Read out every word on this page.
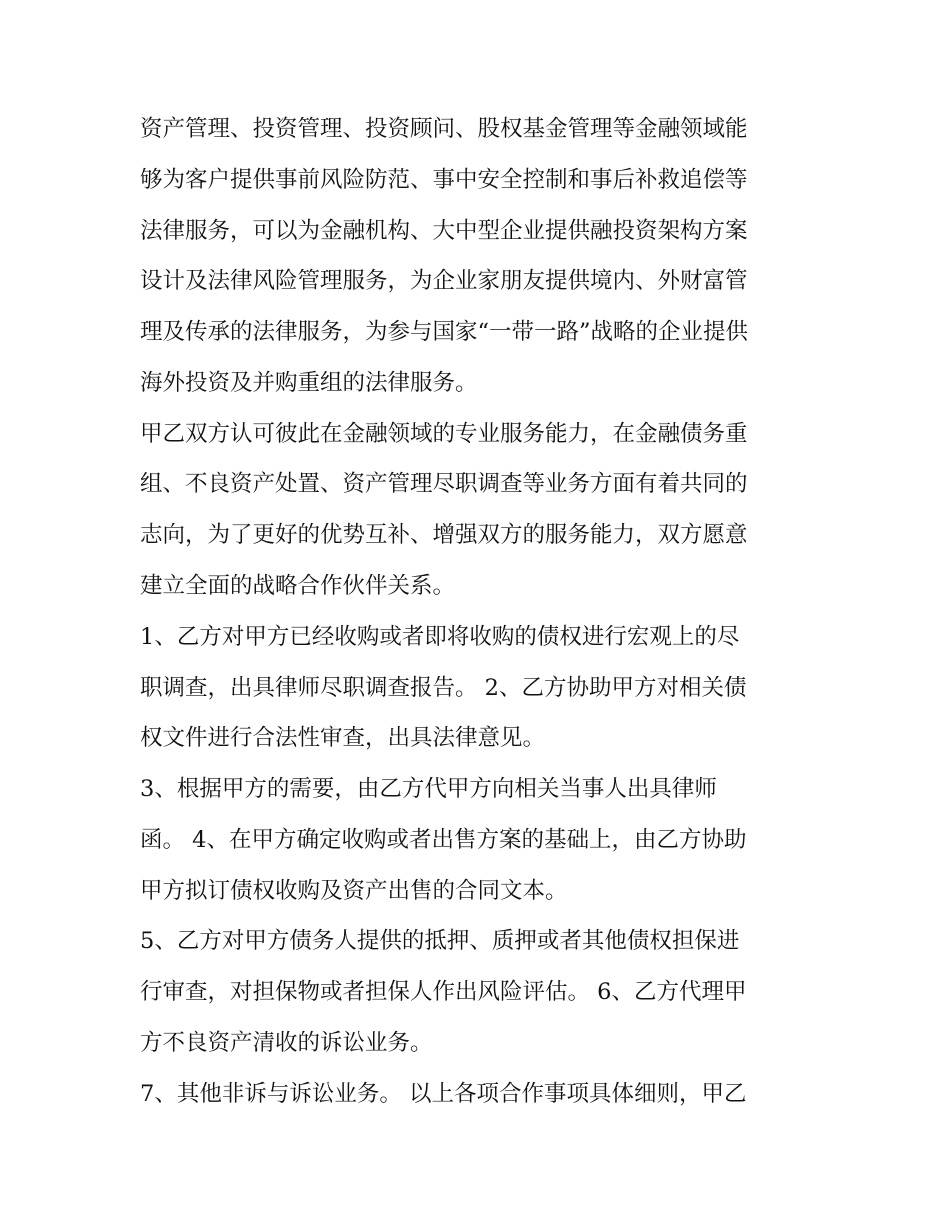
资产管理、投资管理、投资顾问、股权基金管理等金融领域能
够为客户提供事前风险防范、事中安全控制和事后补救追偿等
法律服务，可以为金融机构、大中型企业提供融投资架构方案
设计及法律风险管理服务，为企业家朋友提供境内、外财富管
理及传承的法律服务，为参与国家“一带一路”战略的企业提供
海外投资及并购重组的法律服务。
甲乙双方认可彼此在金融领域的专业服务能力，在金融债务重
组、不良资产处置、资产管理尽职调查等业务方面有着共同的
志向，为了更好的优势互补、增强双方的服务能力，双方愿意
建立全面的战略合作伙伴关系。
1、乙方对甲方已经收购或者即将收购的债权进行宏观上的尽
职调查，出具律师尽职调查报告。 2、乙方协助甲方对相关债
权文件进行合法性审查，出具法律意见。
3、根据甲方的需要，由乙方代甲方向相关当事人出具律师
函。 4、在甲方确定收购或者出售方案的基础上，由乙方协助
甲方拟订债权收购及资产出售的合同文本。
5、乙方对甲方债务人提供的抵押、质押或者其他债权担保进
行审查，对担保物或者担保人作出风险评估。 6、乙方代理甲
方不良资产清收的诉讼业务。
7、其他非诉与诉讼业务。 以上各项合作事项具体细则，甲乙
